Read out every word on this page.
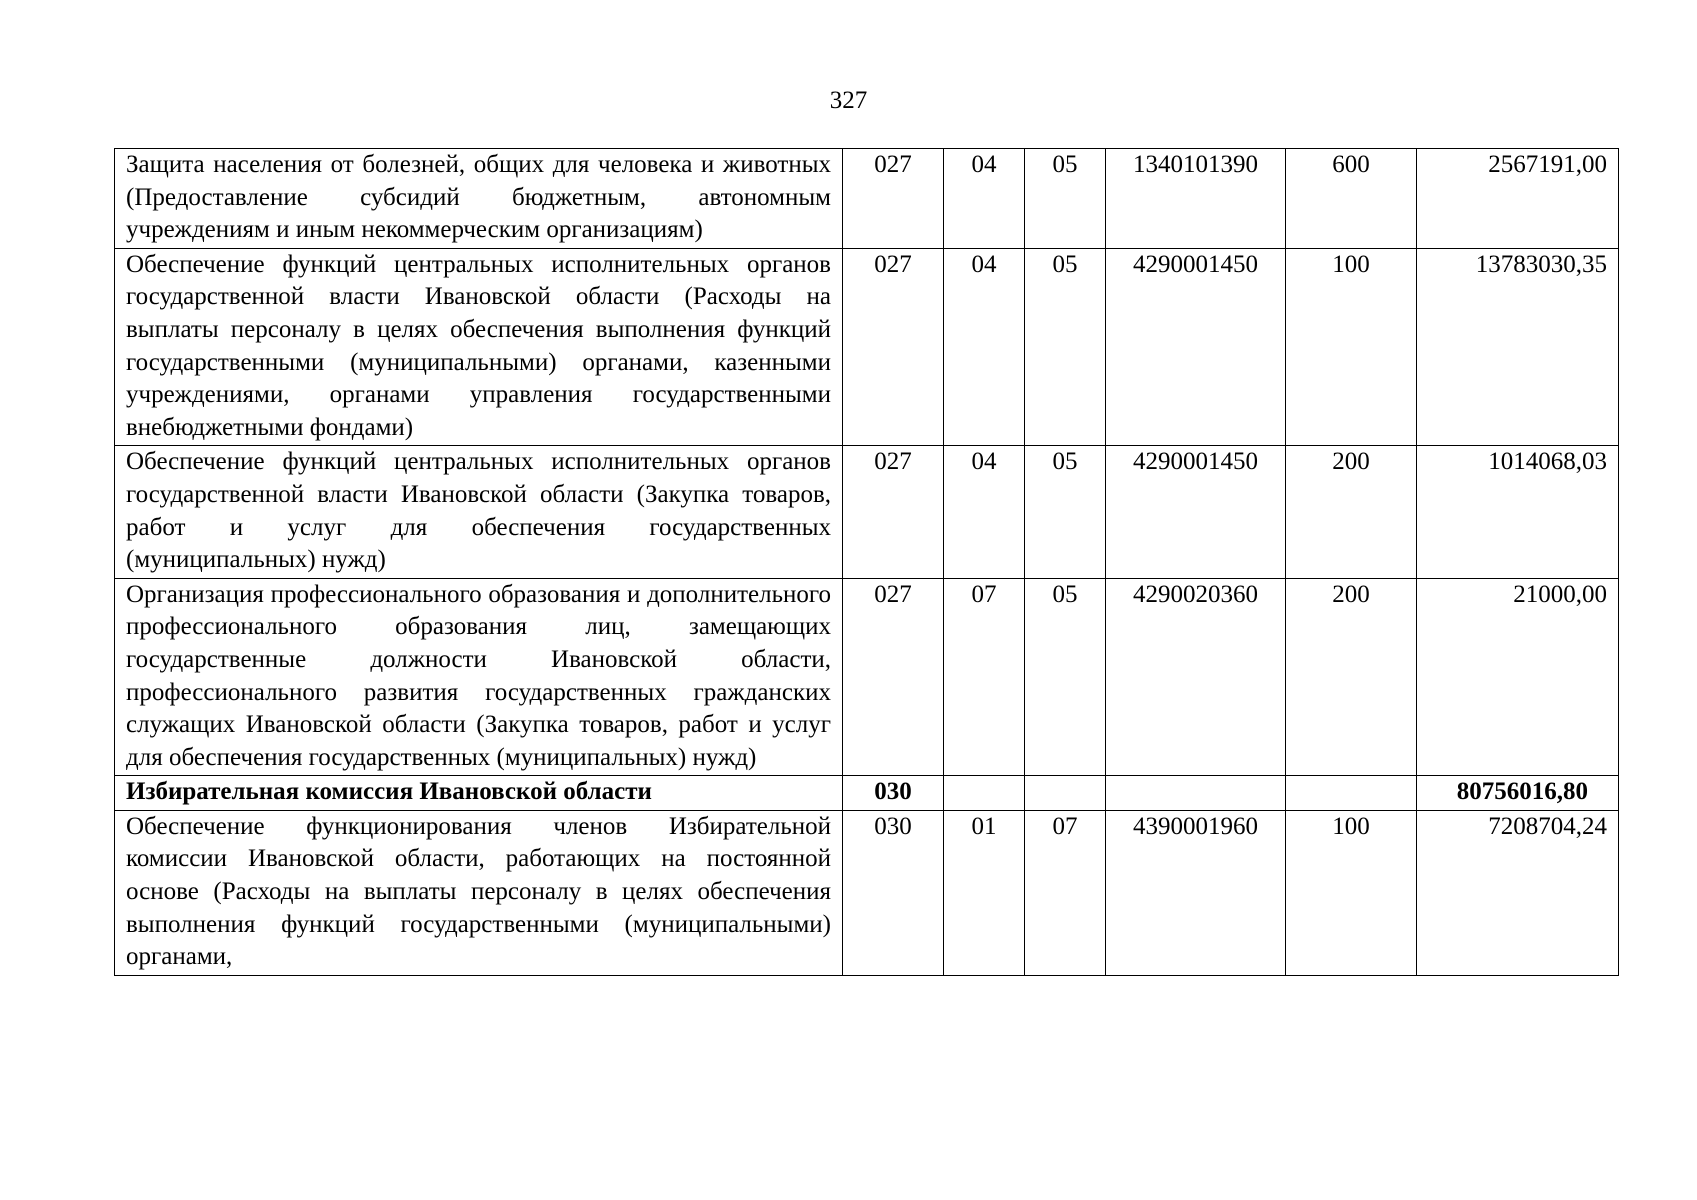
327
Защита населения от болезней, общих для человека и животных (Предоставление субсидий бюджетным, автономным учреждениям и иным некоммерческим организациям)	027	04	05	1340101390	600	2567191,00
Обеспечение функций центральных исполнительных органов государственной власти Ивановской области (Расходы на выплаты персоналу в целях обеспечения выполнения функций государственными (муниципальными) органами, казенными учреждениями, органами управления государственными внебюджетными фондами)	027	04	05	4290001450	100	13783030,35
Обеспечение функций центральных исполнительных органов государственной власти Ивановской области (Закупка товаров, работ и услуг для обеспечения государственных (муниципальных) нужд)	027	04	05	4290001450	200	1014068,03
Организация профессионального образования и дополнительного профессионального образования лиц, замещающих государственные должности Ивановской области, профессионального развития государственных гражданских служащих Ивановской области (Закупка товаров, работ и услуг для обеспечения государственных (муниципальных) нужд)	027	07	05	4290020360	200	21000,00
Избирательная комиссия Ивановской области	030					80756016,80
Обеспечение функционирования членов Избирательной комиссии Ивановской области, работающих на постоянной основе (Расходы на выплаты персоналу в целях обеспечения выполнения функций государственными (муниципальными) органами,	030	01	07	4390001960	100	7208704,24
